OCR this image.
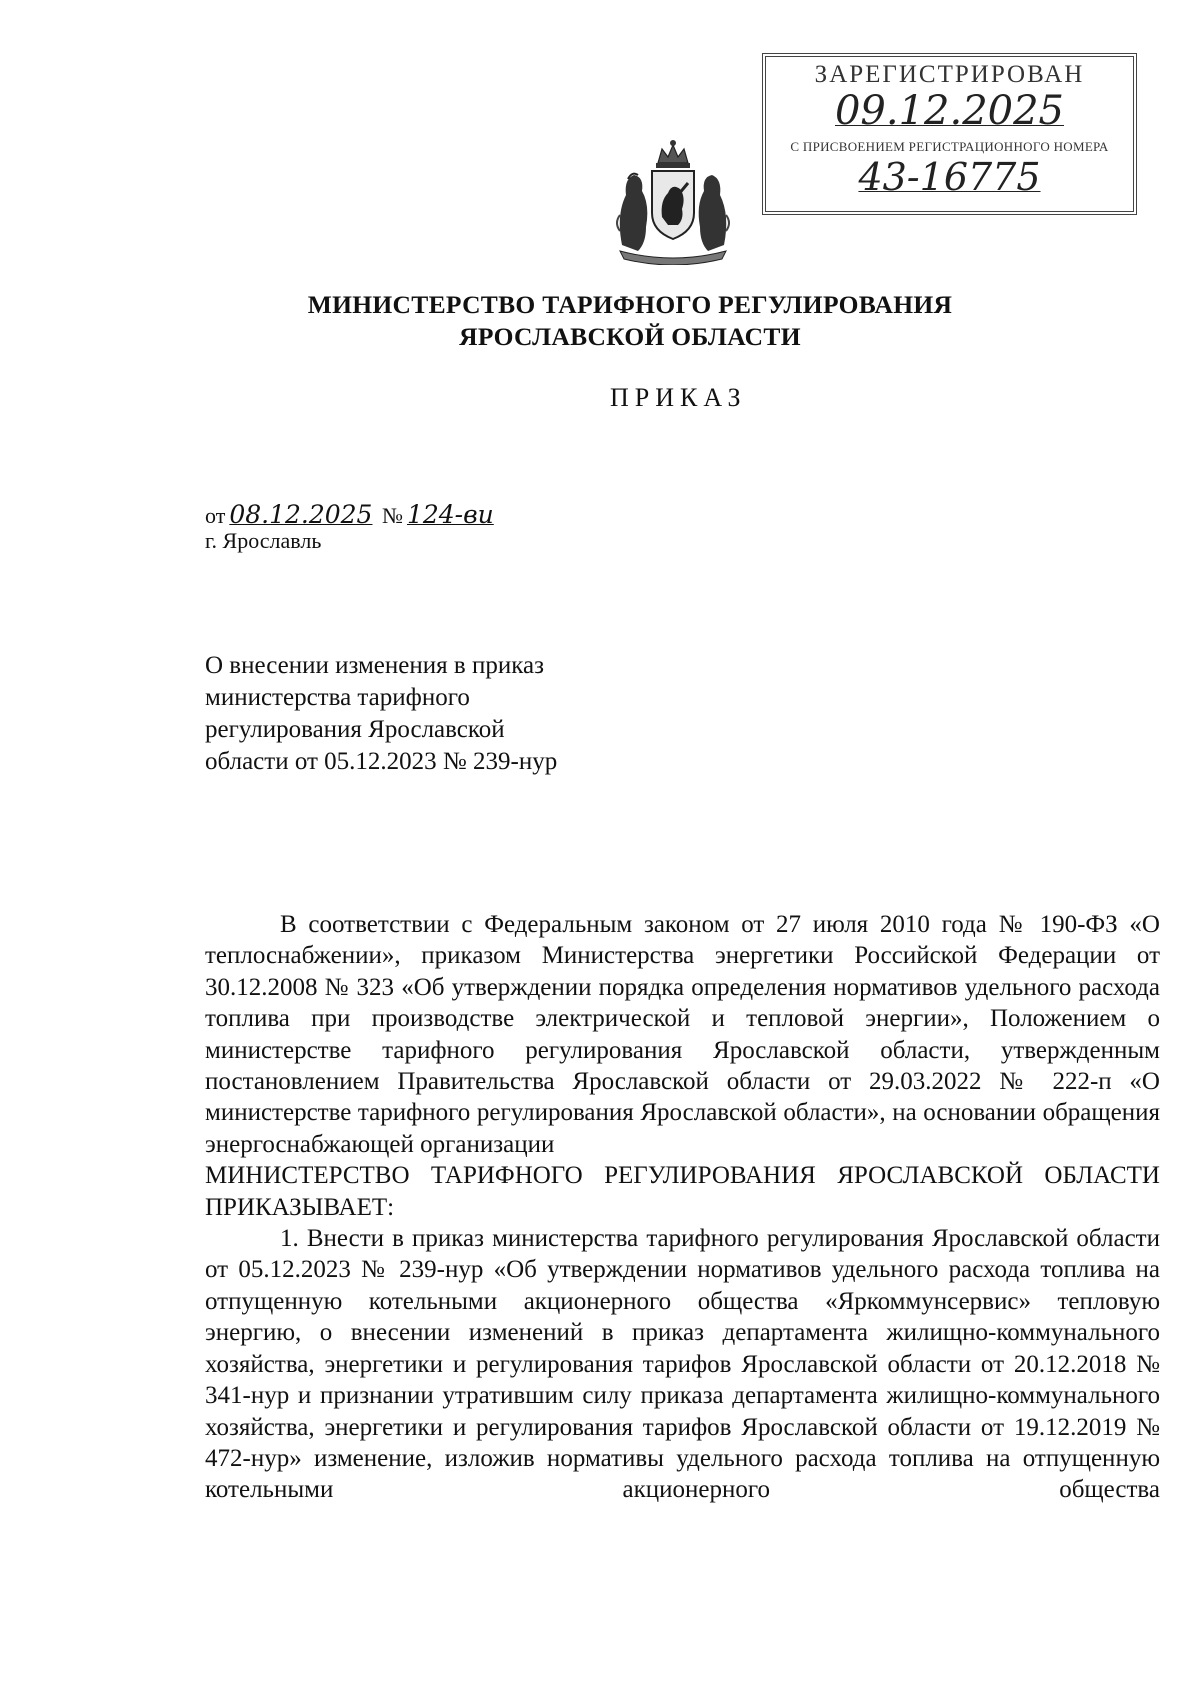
ЗАРЕГИСТРИРОВАН
09.12.2025
С ПРИСВОЕНИЕМ РЕГИСТРАЦИОННОГО НОМЕРА
43-16775
МИНИСТЕРСТВО ТАРИФНОГО РЕГУЛИРОВАНИЯ
ЯРОСЛАВСКОЙ ОБЛАСТИ
ПРИКАЗ
от 08.12.2025 № 124-ви
г. Ярославль
О внесении изменения в приказ
министерства тарифного
регулирования Ярославской
области от 05.12.2023 № 239-нур

В соответствии с Федеральным законом от 27 июля 2010 года № 190-ФЗ «О теплоснабжении», приказом Министерства энергетики Российской Федерации от 30.12.2008 № 323 «Об утверждении порядка определения нормативов удельного расхода топлива при производстве электрической и тепловой энергии», Положением о министерстве тарифного регулирования Ярославской области, утвержденным постановлением Правительства Ярославской области от 29.03.2022 № 222-п «О министерстве тарифного регулирования Ярославской области», на основании обращения энергоснабжающей организации

МИНИСТЕРСТВО ТАРИФНОГО РЕГУЛИРОВАНИЯ ЯРОСЛАВСКОЙ ОБЛАСТИ ПРИКАЗЫВАЕТ:

1. Внести в приказ министерства тарифного регулирования Ярославской области от 05.12.2023 № 239-нур «Об утверждении нормативов удельного расхода топлива на отпущенную котельными акционерного общества «Яркоммунсервис» тепловую энергию, о внесении изменений в приказ департамента жилищно-коммунального хозяйства, энергетики и регулирования тарифов Ярославской области от 20.12.2018 № 341-нур и признании утратившим силу приказа департамента жилищно-коммунального хозяйства, энергетики и регулирования тарифов Ярославской области от 19.12.2019 № 472-нур» изменение, изложив нормативы удельного расхода топлива на отпущенную котельными акционерного общества
